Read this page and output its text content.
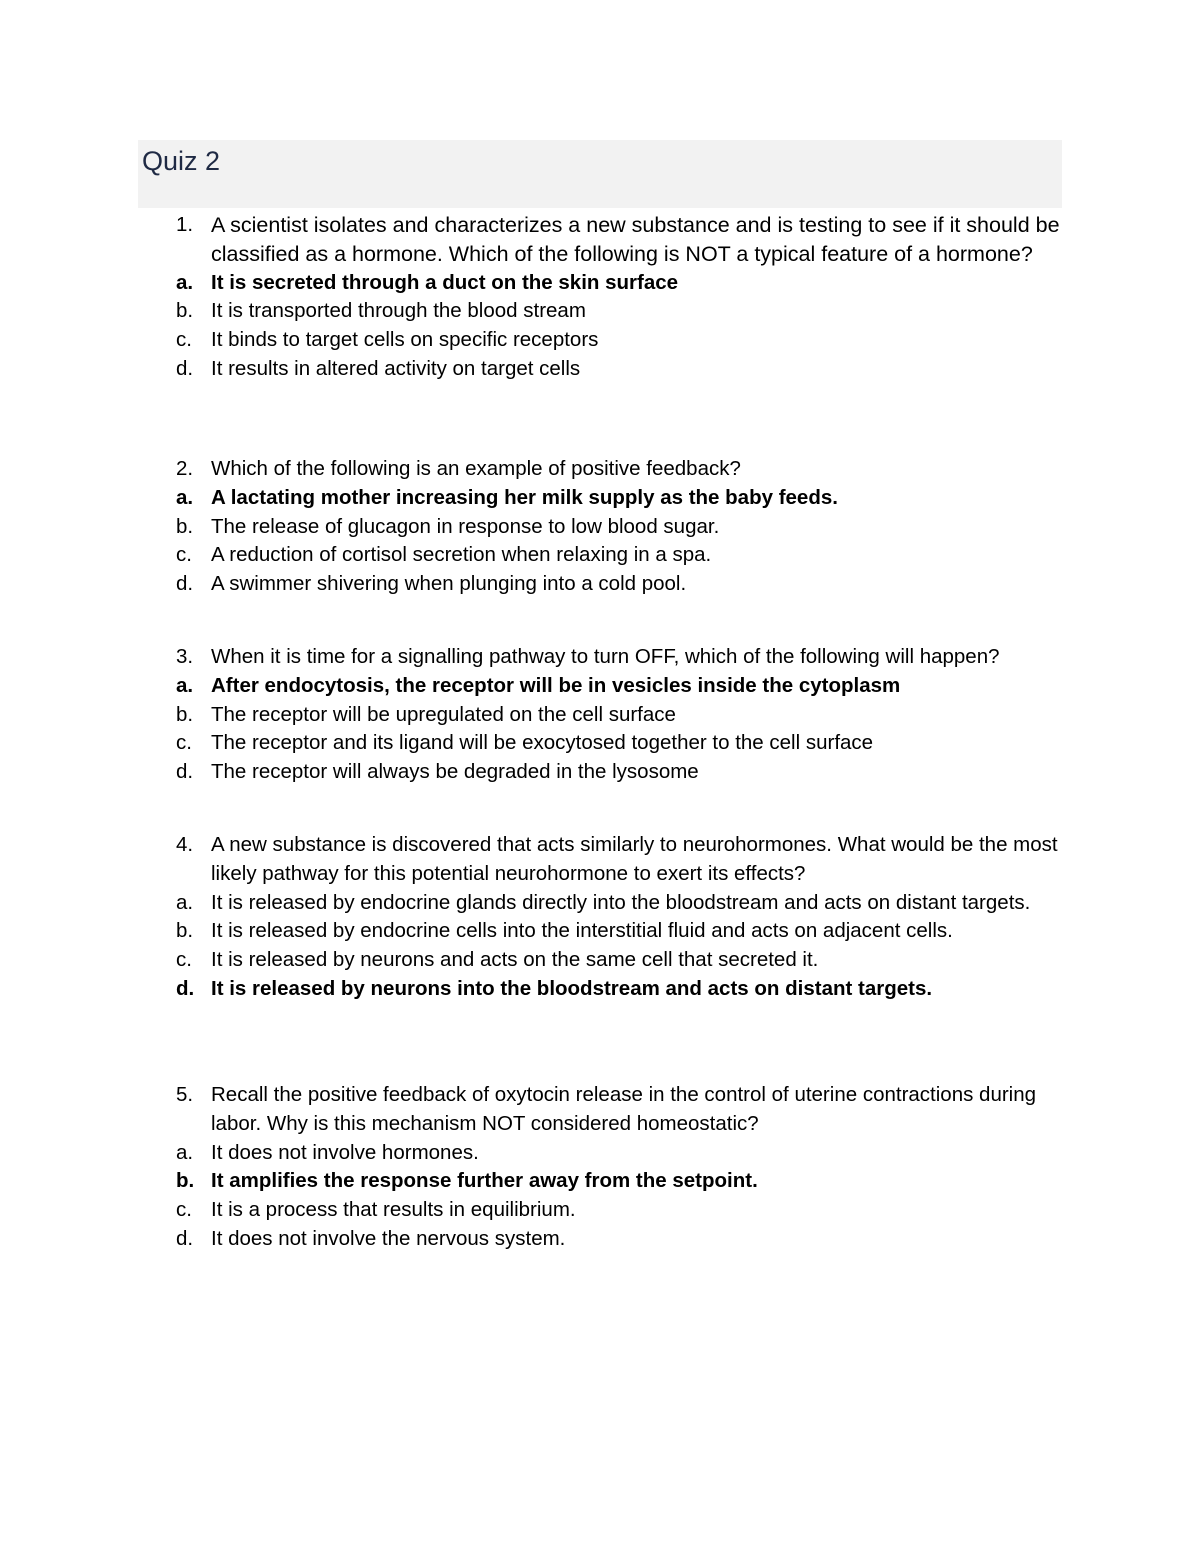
Quiz 2
1. A scientist isolates and characterizes a new substance and is testing to see if it should be classified as a hormone. Which of the following is NOT a typical feature of a hormone?
a. It is secreted through a duct on the skin surface
b. It is transported through the blood stream
c. It binds to target cells on specific receptors
d. It results in altered activity on target cells
2. Which of the following is an example of positive feedback?
a. A lactating mother increasing her milk supply as the baby feeds.
b. The release of glucagon in response to low blood sugar.
c. A reduction of cortisol secretion when relaxing in a spa.
d. A swimmer shivering when plunging into a cold pool.
3. When it is time for a signalling pathway to turn OFF, which of the following will happen?
a. After endocytosis, the receptor will be in vesicles inside the cytoplasm
b. The receptor will be upregulated on the cell surface
c. The receptor and its ligand will be exocytosed together to the cell surface
d. The receptor will always be degraded in the lysosome
4. A new substance is discovered that acts similarly to neurohormones. What would be the most likely pathway for this potential neurohormone to exert its effects?
a. It is released by endocrine glands directly into the bloodstream and acts on distant targets.
b. It is released by endocrine cells into the interstitial fluid and acts on adjacent cells.
c. It is released by neurons and acts on the same cell that secreted it.
d. It is released by neurons into the bloodstream and acts on distant targets.
5. Recall the positive feedback of oxytocin release in the control of uterine contractions during labor. Why is this mechanism NOT considered homeostatic?
a. It does not involve hormones.
b. It amplifies the response further away from the setpoint.
c. It is a process that results in equilibrium.
d. It does not involve the nervous system.
